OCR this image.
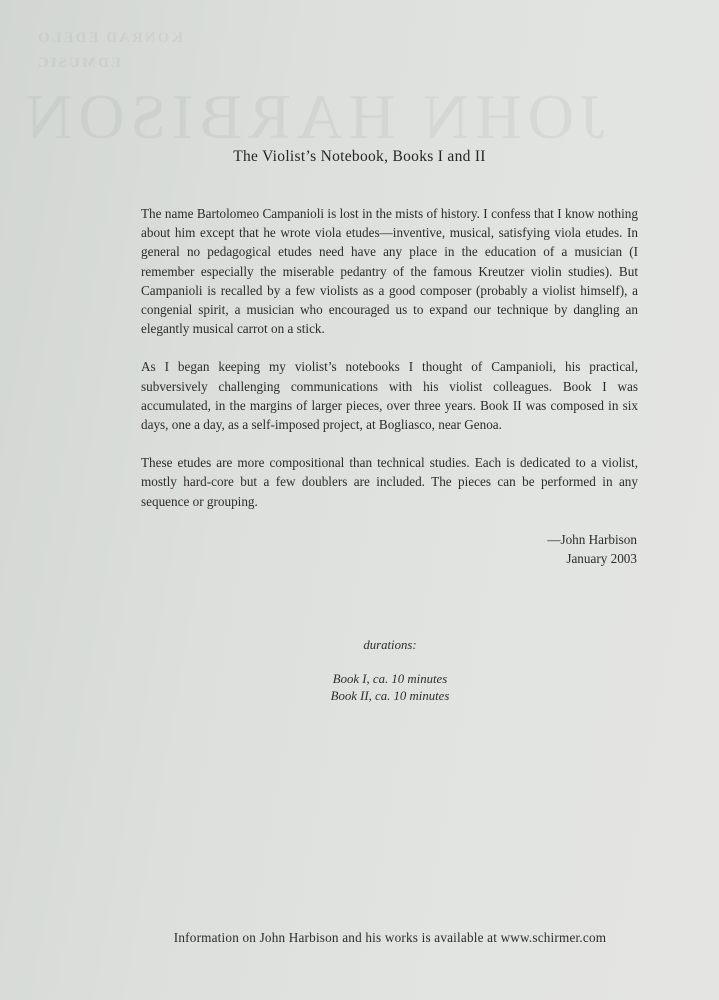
KONRAD EDELO
EDMUSIC
JOHN HARBISON
The Violist’s Notebook, Books I and II

The name Bartolomeo Campanioli is lost in the mists of history. I confess that I know nothing about him except that he wrote viola etudes—inventive, musical, satisfying viola etudes. In general no pedagogical etudes need have any place in the education of a musician (I remember especially the miserable pedantry of the famous Kreutzer violin studies). But Campanioli is recalled by a few violists as a good composer (probably a violist himself), a congenial spirit, a musician who encouraged us to expand our technique by dangling an elegantly musical carrot on a stick.

As I began keeping my violist’s notebooks I thought of Campanioli, his practical, subversively challenging communications with his violist colleagues. Book I was accumulated, in the margins of larger pieces, over three years. Book II was composed in six days, one a day, as a self-imposed project, at Bogliasco, near Genoa.

These etudes are more compositional than technical studies. Each is dedicated to a violist, mostly hard-core but a few doublers are included. The pieces can be performed in any sequence or grouping.

—John Harbison
January 2003
durations:
Book I, ca. 10 minutes
Book II, ca. 10 minutes
Information on John Harbison and his works is available at www.schirmer.com
